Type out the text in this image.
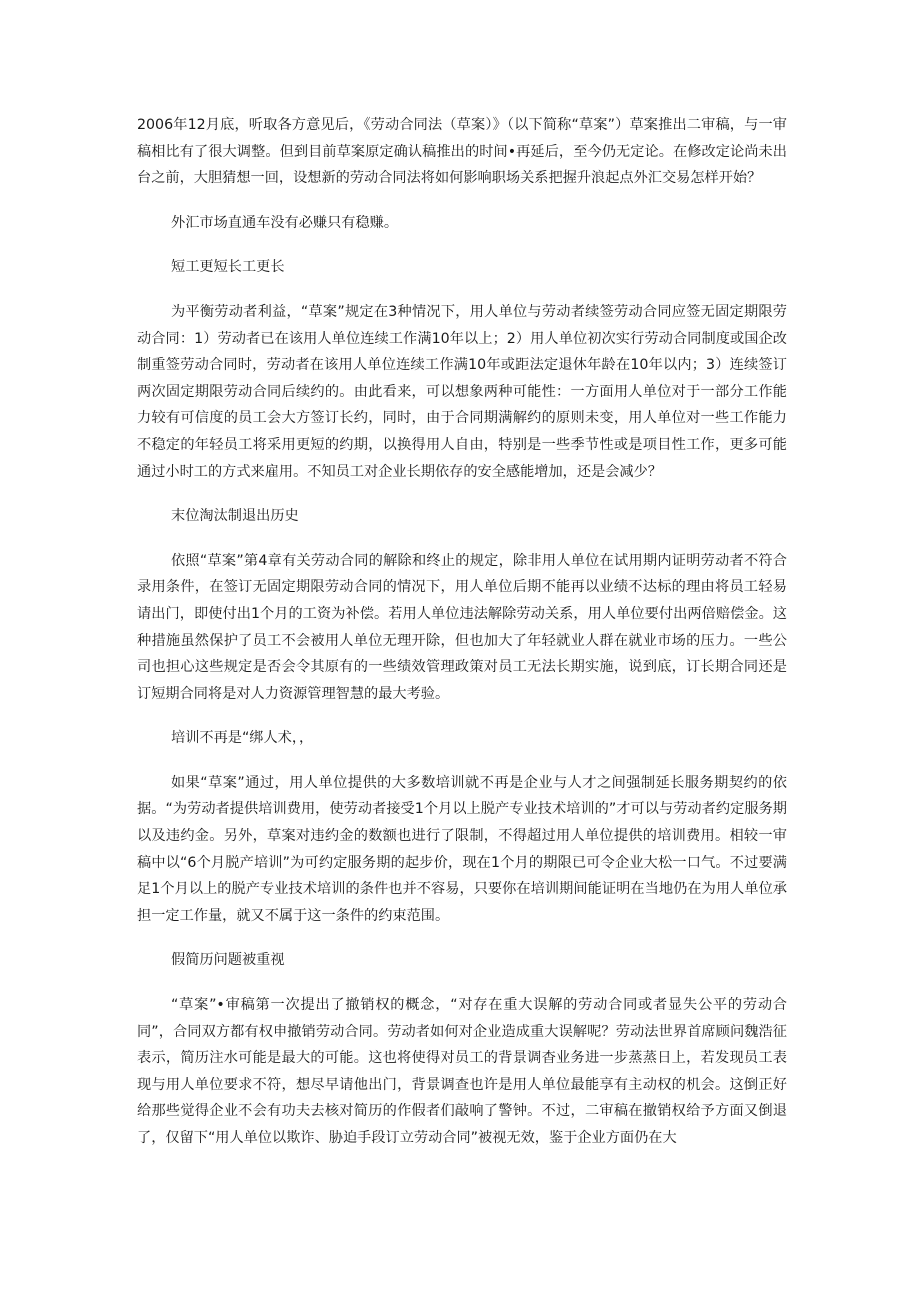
2006年12月底，听取各方意见后，《劳动合同法（草案）》（以下简称“草案”）草案推出二审稿，与一审稿相比有了很大调整。但到目前草案原定确认稿推出的时间•再延后，至今仍无定论。在修改定论尚未出台之前，大胆猜想一回，设想新的劳动合同法将如何影响职场关系把握升浪起点外汇交易怎样开始？

外汇市场直通车没有必赚只有稳赚。

短工更短长工更长

为平衡劳动者利益，“草案”规定在3种情况下，用人单位与劳动者续签劳动合同应签无固定期限劳动合同：1）劳动者已在该用人单位连续工作满10年以上；2）用人单位初次实行劳动合同制度或国企改制重签劳动合同时，劳动者在该用人单位连续工作满10年或距法定退休年龄在10年以内；3）连续签订两次固定期限劳动合同后续约的。由此看来，可以想象两种可能性：一方面用人单位对于一部分工作能力较有可信度的员工会大方签订长约，同时，由于合同期满解约的原则未变，用人单位对一些工作能力不稳定的年轻员工将采用更短的约期，以换得用人自由，特别是一些季节性或是项目性工作，更多可能通过小时工的方式来雇用。不知员工对企业长期依存的安全感能增加，还是会减少？

末位淘汰制退出历史

依照“草案”第4章有关劳动合同的解除和终止的规定，除非用人单位在试用期内证明劳动者不符合录用条件，在签订无固定期限劳动合同的情况下，用人单位后期不能再以业绩不达标的理由将员工轻易请出门，即使付出1个月的工资为补偿。若用人单位违法解除劳动关系，用人单位要付出两倍赔偿金。这种措施虽然保护了员工不会被用人单位无理开除，但也加大了年轻就业人群在就业市场的压力。一些公司也担心这些规定是否会令其原有的一些绩效管理政策对员工无法长期实施，说到底，订长期合同还是订短期合同将是对人力资源管理智慧的最大考验。

培训不再是“绑人术，，

如果“草案”通过，用人单位提供的大多数培训就不再是企业与人才之间强制延长服务期契约的依据。“为劳动者提供培训费用，使劳动者接受1个月以上脱产专业技术培训的”才可以与劳动者约定服务期以及违约金。另外，草案对违约金的数额也进行了限制，不得超过用人单位提供的培训费用。相较一审稿中以“6个月脱产培训”为可约定服务期的起步价，现在1个月的期限已可令企业大松一口气。不过要满足1个月以上的脱产专业技术培训的条件也并不容易，只要你在培训期间能证明在当地仍在为用人单位承担一定工作量，就又不属于这一条件的约束范围。

假简历问题被重视

“草案”•审稿第一次提出了撤销权的概念，“对存在重大误解的劳动合同或者显失公平的劳动合同”，合同双方都有权申撤销劳动合同。劳动者如何对企业造成重大误解呢？劳动法世界首席顾问魏浩征表示，简历注水可能是最大的可能。这也将使得对员工的背景调杳业务进一步蒸蒸日上，若发现员工表现与用人单位要求不符，想尽早请他出门，背景调查也许是用人单位最能享有主动权的机会。这倒正好给那些觉得企业不会有功夫去核对简历的作假者们敲响了警钟。不过，二审稿在撤销权给予方面又倒退了，仅留下“用人单位以欺诈、胁迫手段订立劳动合同”被视无效，鉴于企业方面仍在大
